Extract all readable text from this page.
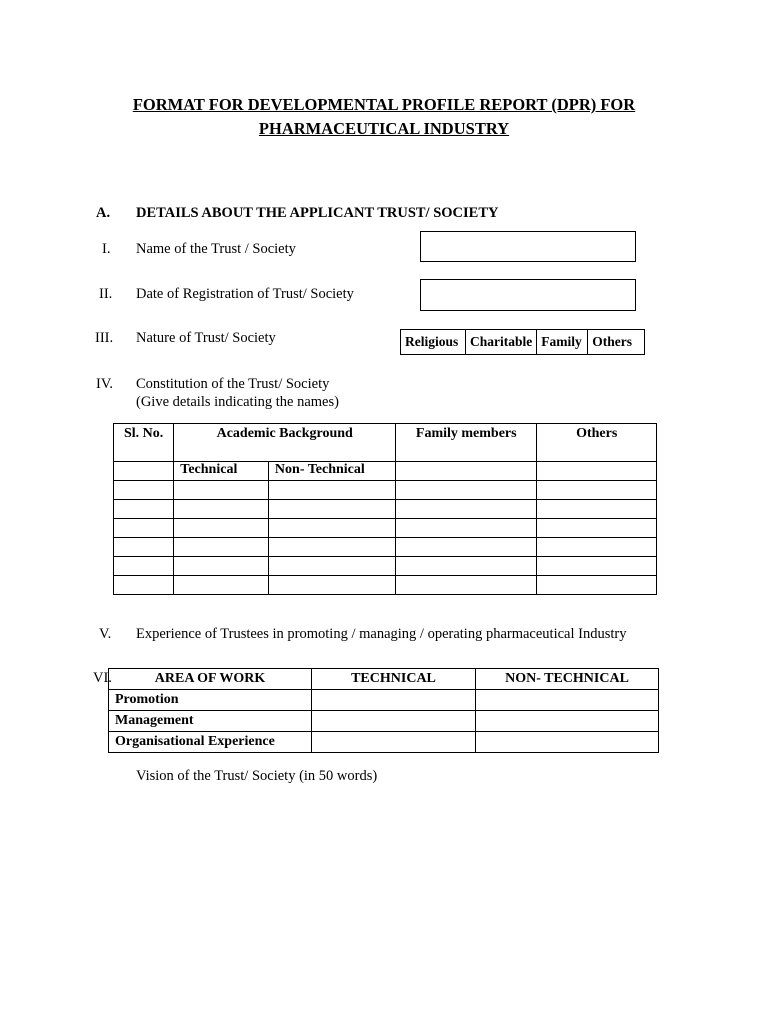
FORMAT FOR DEVELOPMENTAL PROFILE REPORT (DPR) FOR
PHARMACEUTICAL INDUSTRY
A. DETAILS ABOUT THE APPLICANT TRUST/ SOCIETY
I. Name of the Trust / Society
II. Date of Registration of Trust/ Society
III. Nature of Trust/ Society	Religious	Charitable	Family	Others
IV. Constitution of the Trust/ Society
(Give details indicating the names)
Sl. No.	Academic Background		Family members	Others
	Technical	Non- Technical		

V. Experience of Trustees in promoting / managing / operating pharmaceutical Industry
VI.	AREA OF WORK	TECHNICAL	NON- TECHNICAL
Promotion		
Management		
Organisational Experience		
Vision of the Trust/ Society (in 50 words)
